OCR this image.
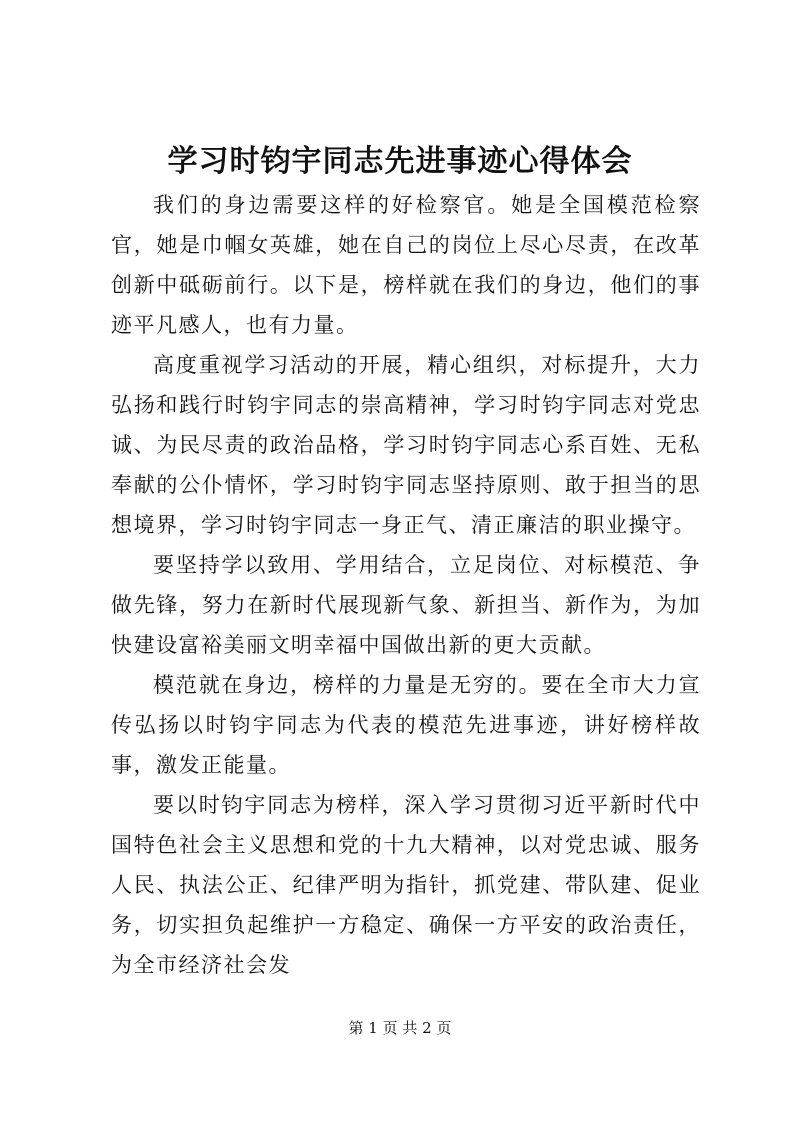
学习时钧宇同志先进事迹心得体会

我们的身边需要这样的好检察官。她是全国模范检察官，她是巾帼女英雄，她在自己的岗位上尽心尽责，在改革创新中砥砺前行。以下是，榜样就在我们的身边，他们的事迹平凡感人，也有力量。

高度重视学习活动的开展，精心组织，对标提升，大力弘扬和践行时钧宇同志的崇高精神，学习时钧宇同志对党忠诚、为民尽责的政治品格，学习时钧宇同志心系百姓、无私奉献的公仆情怀，学习时钧宇同志坚持原则、敢于担当的思想境界，学习时钧宇同志一身正气、清正廉洁的职业操守。

要坚持学以致用、学用结合，立足岗位、对标模范、争做先锋，努力在新时代展现新气象、新担当、新作为，为加快建设富裕美丽文明幸福中国做出新的更大贡献。

模范就在身边，榜样的力量是无穷的。要在全市大力宣传弘扬以时钧宇同志为代表的模范先进事迹，讲好榜样故事，激发正能量。

要以时钧宇同志为榜样，深入学习贯彻习近平新时代中国特色社会主义思想和党的十九大精神，以对党忠诚、服务人民、执法公正、纪律严明为指针，抓党建、带队建、促业务，切实担负起维护一方稳定、确保一方平安的政治责任，为全市经济社会发

第 1 页 共 2 页
